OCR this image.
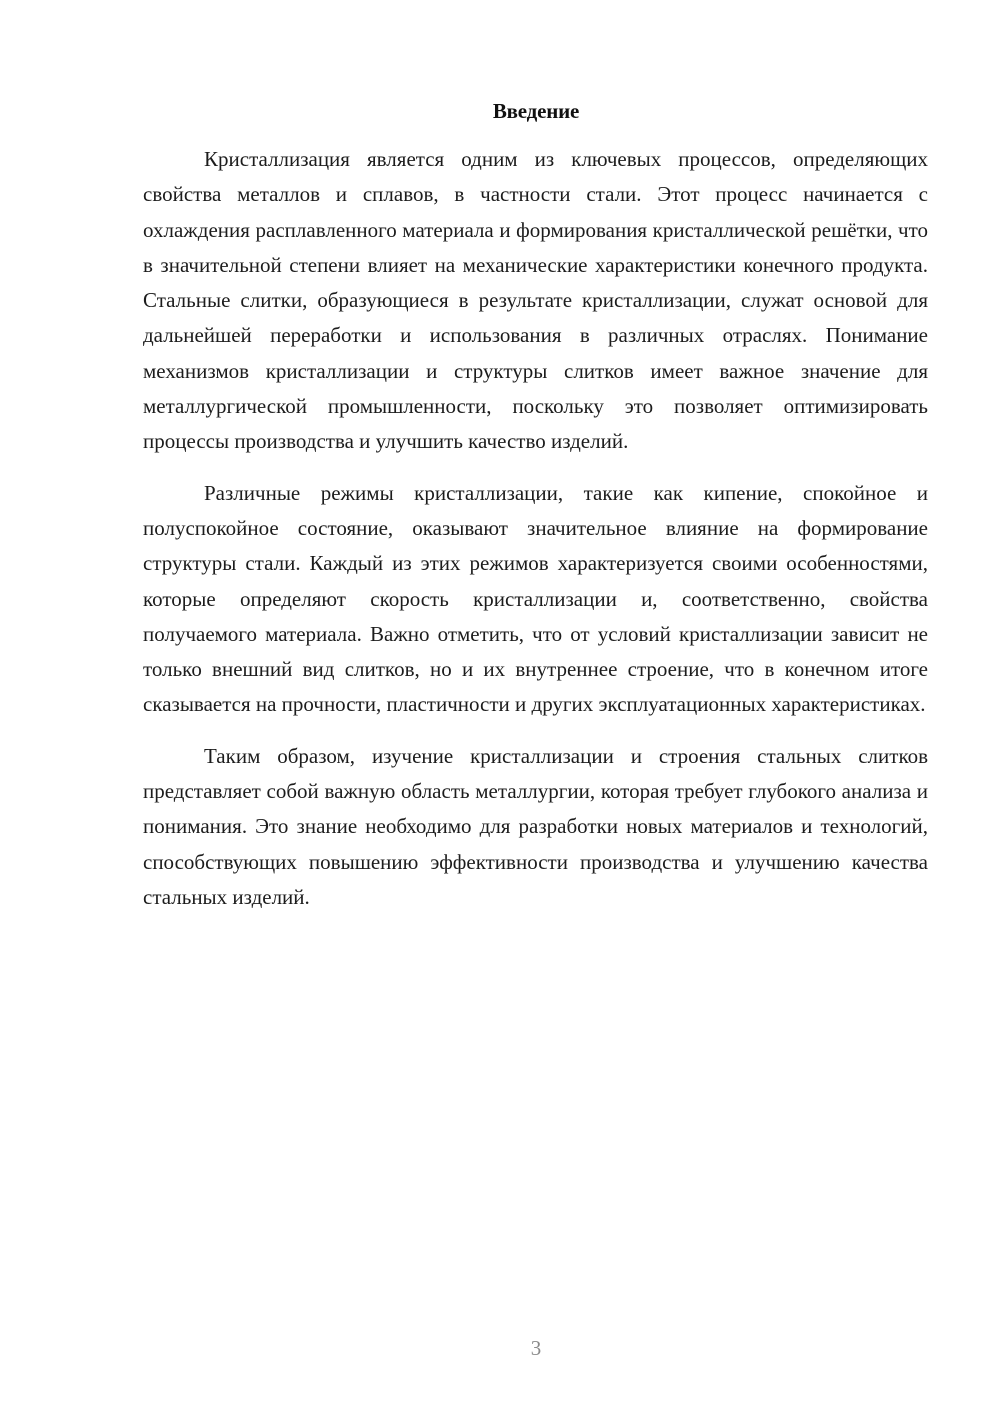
Введение

Кристаллизация является одним из ключевых процессов, определяющих свойства металлов и сплавов, в частности стали. Этот процесс начинается с охлаждения расплавленного материала и формирования кристаллической решётки, что в значительной степени влияет на механические характеристики конечного продукта. Стальные слитки, образующиеся в результате кристаллизации, служат основой для дальнейшей переработки и использования в различных отраслях. Понимание механизмов кристаллизации и структуры слитков имеет важное значение для металлургической промышленности, поскольку это позволяет оптимизировать процессы производства и улучшить качество изделий.

Различные режимы кристаллизации, такие как кипение, спокойное и полуспокойное состояние, оказывают значительное влияние на формирование структуры стали. Каждый из этих режимов характеризуется своими особенностями, которые определяют скорость кристаллизации и, соответственно, свойства получаемого материала. Важно отметить, что от условий кристаллизации зависит не только внешний вид слитков, но и их внутреннее строение, что в конечном итоге сказывается на прочности, пластичности и других эксплуатационных характеристиках.

Таким образом, изучение кристаллизации и строения стальных слитков представляет собой важную область металлургии, которая требует глубокого анализа и понимания. Это знание необходимо для разработки новых материалов и технологий, способствующих повышению эффективности производства и улучшению качества стальных изделий.

3
